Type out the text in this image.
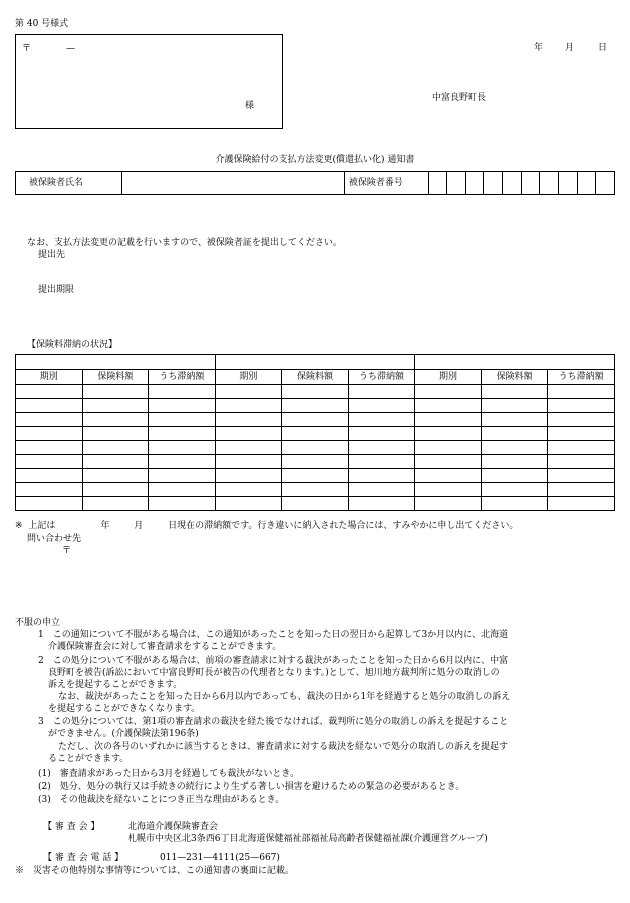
第 40 号様式
〒	—
様
年 月	日
中富良野町長
介護保険給付の支払方法変更(償還払い化) 通知書
被保険者氏名		被保険者番号										
なお、支払方法変更の記載を行いますので、被保険者証を提出してください。
提出先
提出期限
【保険料滞納の状況】

期別	保険料額	うち滞納額	期別	保険料額	うち滞納額	期別	保険料額	うち滞納額

※ 上記は	年	月	日現在の滞納額です。行き違いに納入された場合には、すみやかに申し出てください。
問い合わせ先
〒
不服の申立
1　この通知について不服がある場合は、この通知があったことを知った日の翌日から起算して3か月以内に、北海道
介護保険審査会に対して審査請求をすることができます。
2　この処分について不服がある場合は、前項の審査請求に対する裁決があったことを知った日から6月以内に、中富
良野町を被告(訴訟において中富良野町長が被告の代理者となります。)として、旭川地方裁判所に処分の取消しの
訴えを提起することができます。
なお、裁決があったことを知った日から6月以内であっても、裁決の日から1年を経過すると処分の取消しの訴え
を提起することができなくなります。
3　この処分については、第1項の審査請求の裁決を経た後でなければ、裁判所に処分の取消しの訴えを提起すること
ができません。(介護保険法第196条)
ただし、次の各号のいずれかに該当するときは、審査請求に対する裁決を経ないで処分の取消しの訴えを提起す
ることができます。
(1)　審査請求があった日から3月を経過しても裁決がないとき。
(2)　処分、処分の執行又は手続きの続行により生ずる著しい損害を避けるための緊急の必要があるとき。
(3)　その他裁決を経ないことにつき正当な理由があるとき。
【 審 査 会 】	北海道介護保険審査会
札幌市中央区北3条西6丁目北海道保健福祉部福祉局高齢者保健福祉課(介護運営グループ)
【 審 査 会 電 話 】	011—231—4111(25—667)
※　災害その他特別な事情等については、この通知書の裏面に記載。
